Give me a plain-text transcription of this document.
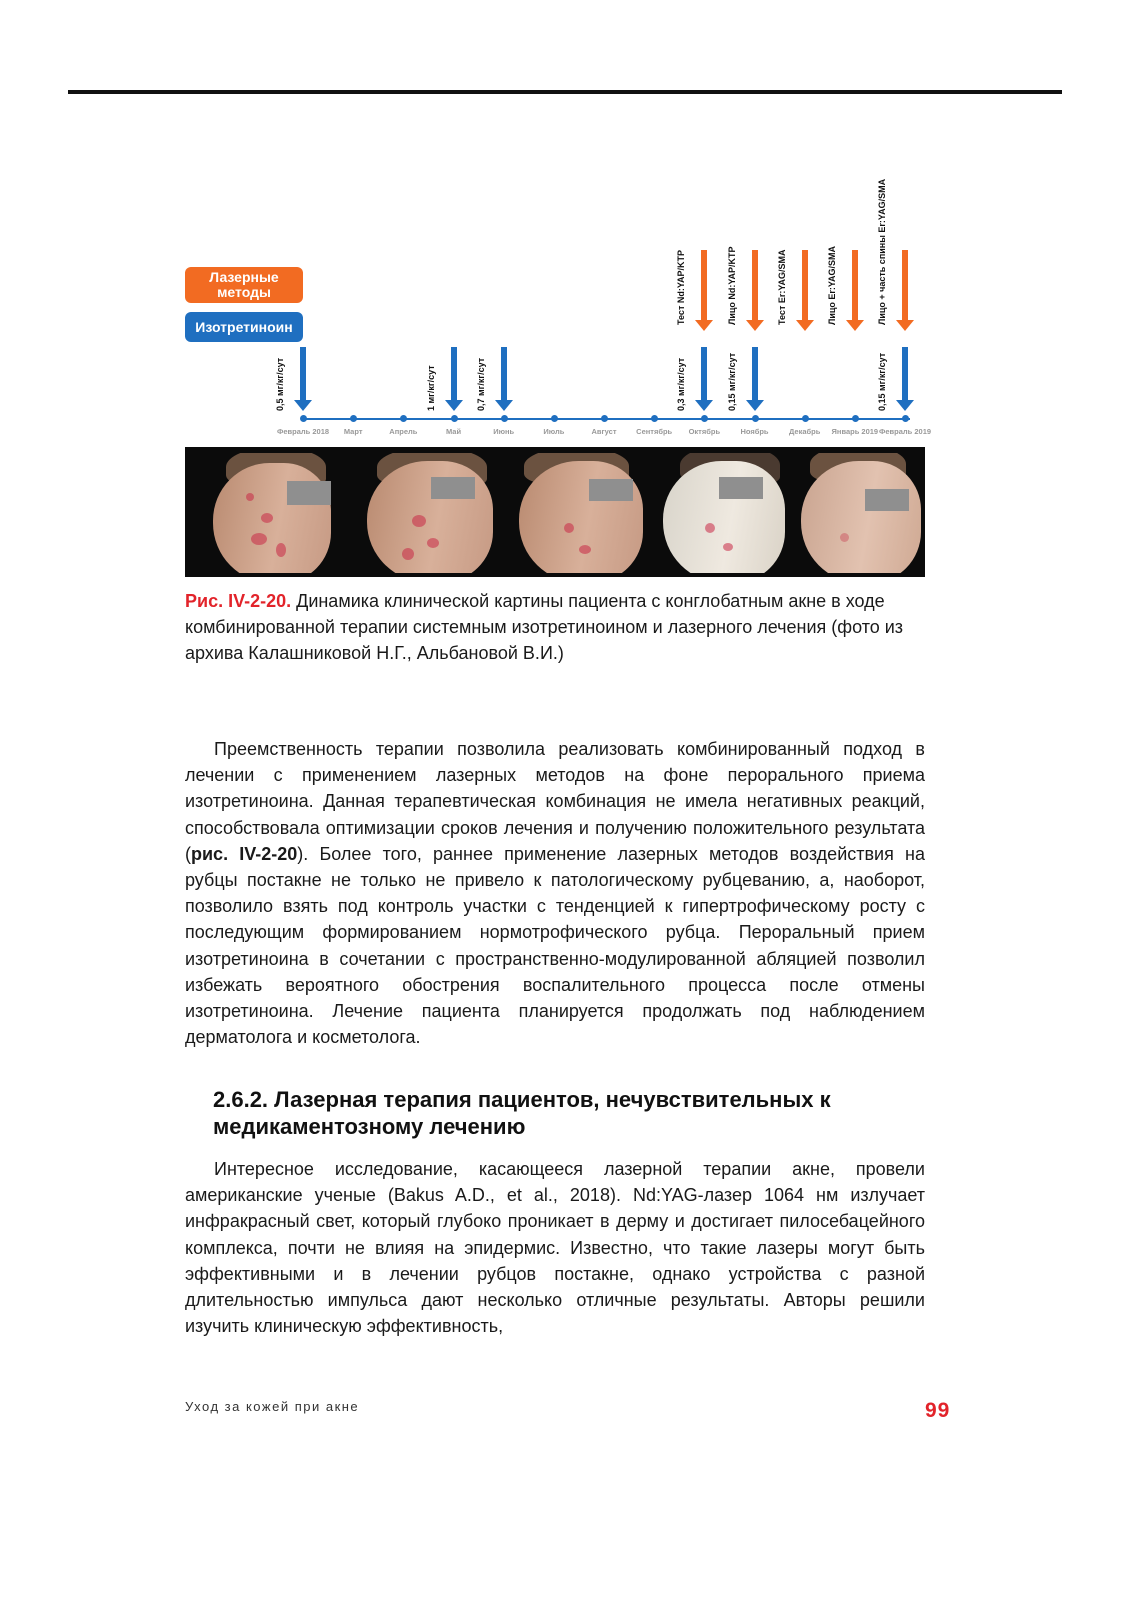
Лазерные методы
Изотретиноин
Февраль 2018 Март	Апрель	Май	Июнь	Июль	Август	Сентябрь Октябрь	Ноябрь	Декабрь Январь 2019 Февраль 2019
0,5 мг/кг/сут	1 мг/кг/сут	0,7 мг/кг/сут	0,3 мг/кг/сут	0,15 мг/кг/сут	0,15 мг/кг/сут
Тест Nd:YAP/KTP	Лицо Nd:YAP/KTP	Тест Er:YAG/SMA	Лицо Er:YAG/SMA	Лицо + часть спины Er:YAG/SMA
Рис. IV-2-20. Динамика клинической картины пациента с конглобатным акне в ходе комбинированной терапии системным изотретиноином и лазерного лечения (фото из архива Калашниковой Н.Г., Альбановой В.И.)
Преемственность терапии позволила реализовать комбинированный подход в лечении с применением лазерных методов на фоне перорального приема изотретиноина. Данная терапевтическая комбинация не имела негативных реакций, способствовала оптимизации сроков лечения и получению положительного результата (рис. IV-2-20). Более того, раннее применение лазерных методов воздействия на рубцы постакне не только не привело к патологическому рубцеванию, а, наоборот, позволило взять под контроль участки с тенденцией к гипертрофическому росту с последующим формированием нормотрофического рубца. Пероральный прием изотретиноина в сочетании с пространственно-модулированной абляцией позволил избежать вероятного обострения воспалительного процесса после отмены изотретиноина. Лечение пациента планируется продолжать под наблюдением дерматолога и косметолога.
2.6.2. Лазерная терапия пациентов, нечувствительных к медикаментозному лечению
Интересное исследование, касающееся лазерной терапии акне, провели американские ученые (Bakus A.D., et al., 2018). Nd:YAG-лазер 1064 нм излучает инфракрасный свет, который глубоко проникает в дерму и достигает пилосебацейного комплекса, почти не влияя на эпидермис. Известно, что такие лазеры могут быть эффективными и в лечении рубцов постакне, однако устройства с разной длительностью импульса дают несколько отличные результаты. Авторы решили изучить клиническую эффективность,
Уход за кожей при акне	99
